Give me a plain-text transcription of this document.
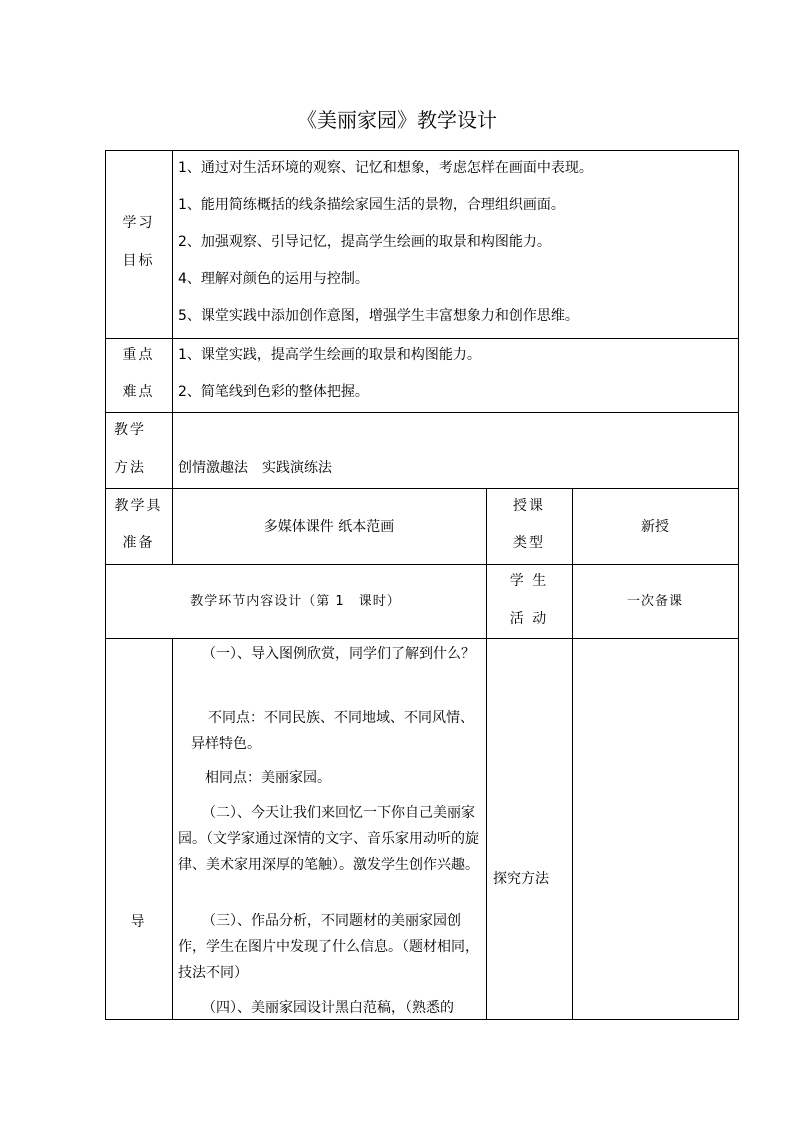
《美丽家园》教学设计
学习
目标
1、通过对生活环境的观察、记忆和想象，考虑怎样在画面中表现。
1、能用简练概括的线条描绘家园生活的景物，合理组织画面。
2、加强观察、引导记忆，提高学生绘画的取景和构图能力。
4、理解对颜色的运用与控制。
5、课堂实践中添加创作意图，增强学生丰富想象力和创作思维。
重点
难点
1、课堂实践，提高学生绘画的取景和构图能力。
2、简笔线到色彩的整体把握。
教学
方法	创情激趣法　实践演练法
教学具
准备
多媒体课件 纸本范画
授课
类型
新授
教学环节内容设计（第 1　课时）
学 生
活 动
一次备课
导
（一）、导入图例欣赏，同学们了解到什么？
不同点：不同民族、不同地域、不同风情、异样特色。
相同点：美丽家园。
（二）、今天让我们来回忆一下你自己美丽家园。（文学家通过深情的文字、音乐家用动听的旋律、美术家用深厚的笔触）。激发学生创作兴趣。
（三）、作品分析，不同题材的美丽家园创作，学生在图片中发现了什么信息。（题材相同，技法不同）
（四）、美丽家园设计黑白范稿，（熟悉的
探究方法
